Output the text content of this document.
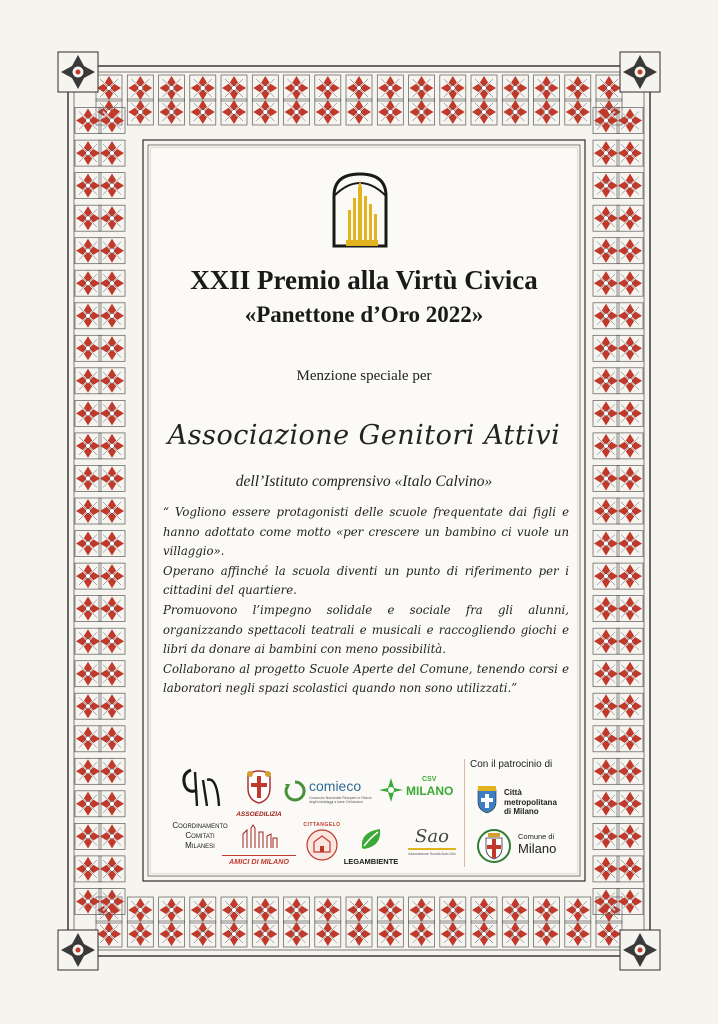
XXII Premio alla Virtù Civica
«Panettone d’Oro 2022»

Menzione speciale per

Associazione Genitori Attivi

dell’Istituto comprensivo «Italo Calvino»

“ Vogliono essere protagonisti delle scuole frequentate dai figli e hanno adottato come motto «per crescere un bambino ci vuole un villaggio».

Operano affinché la scuola diventi un punto di riferimento per i cittadini del quartiere.

Promuovono l’impegno solidale e sociale fra gli alunni, organizzando spettacoli teatrali e musicali e raccogliendo giochi e libri da donare ai bambini con meno possibilità.

Collaborano al progetto Scuole Aperte del Comune, tenendo corsi e laboratori negli spazi scolastici quando non sono utilizzati.”

Coordinamento
Comitati
Milanesi
ASSOEDILIZIA
comieco
Consorzio Nazionale Recupero e Riciclo degli Imballaggi a base Cellulosica
CSV
MILANO
AMICI DI MILANO
CITTANGELO
LEGAMBIENTE
Sao
Associazione Scuola Auto Olio
Con il patrocinio di
Città
metropolitana
di Milano
Comune di
Milano
